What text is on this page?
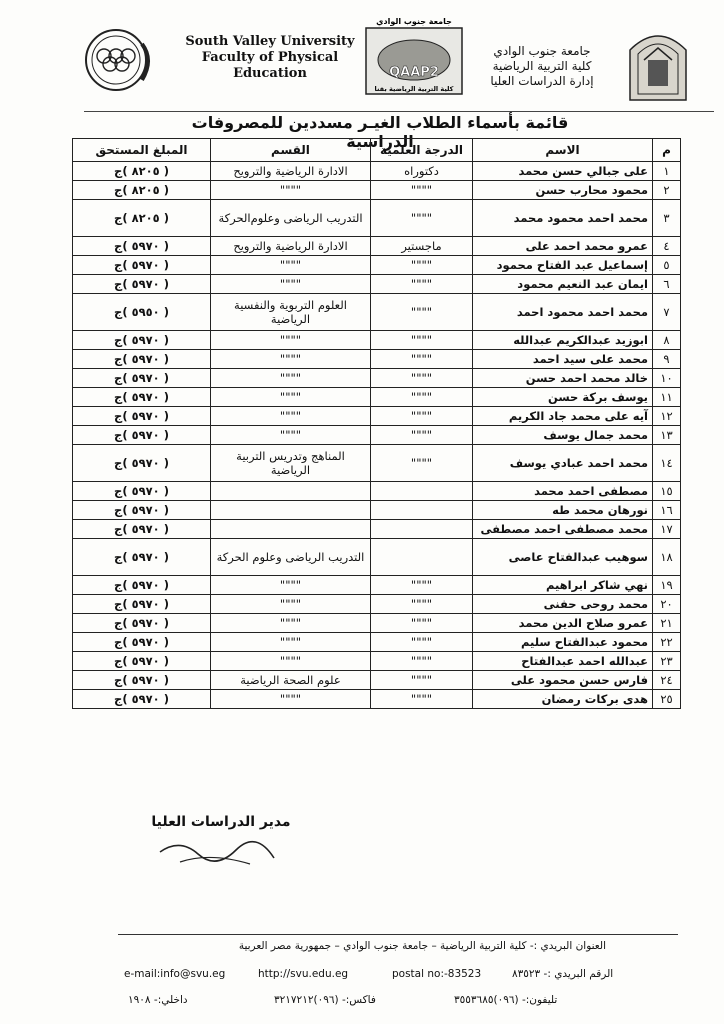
South Valley University
Faculty of Physical Education
جامعة جنوب الوادي
QAAP2
كلية التربية الرياضية بقنا
جامعة جنوب الوادي
كلية التربية الرياضية
إدارة الدراسات العليا
قائمة بأسماء الطلاب الغيـر مسددين للمصروفات الدراسية	م	الاسم	الدرجة العلمية	القسم	المبلغ المستحق
١	على جبالي حسن محمد	دكتوراه	الادارة الرياضية والترويح	( ٨٢٠٥ )ج
٢	محمود محارب حسن	""""	""""	( ٨٢٠٥ )ج
٣	محمد احمد محمود محمد	""""	التدريب الرياضى وعلوم‌الحركة	( ٨٢٠٥ )ج
٤	عمرو محمد احمد على	ماجستير	الادارة الرياضية والترويح	( ٥٩٧٠ )ج
٥	إسماعيل عبد الفتاح محمود	""""	""""	( ٥٩٧٠ )ج
٦	ايمان عبد النعيم محمود	""""	""""	( ٥٩٧٠ )ج
٧	محمد احمد محمود احمد	""""	العلوم التربوية والنفسية الرياضية	( ٥٩٥٠ )ج
٨	ابوزيد عبدالكريم عبدالله	""""	""""	( ٥٩٧٠ )ج
٩	محمد على سيد احمد	""""	""""	( ٥٩٧٠ )ج
١٠	خالد محمد احمد حسن	""""	""""	( ٥٩٧٠ )ج
١١	يوسف بركة حسن	""""	""""	( ٥٩٧٠ )ج
١٢	آيه على محمد جاد الكريم	""""	""""	( ٥٩٧٠ )ج
١٣	محمد جمال يوسف	""""	""""	( ٥٩٧٠ )ج
١٤	محمد احمد عبادي يوسف	""""	المناهج وتدريس التربية الرياضية	( ٥٩٧٠ )ج
١٥	مصطفى احمد محمد			( ٥٩٧٠ )ج
١٦	نورهان محمد طه			( ٥٩٧٠ )ج
١٧	محمد مصطفى احمد مصطفى			( ٥٩٧٠ )ج
١٨	سوهيب عبدالفتاح عاصى		التدريب الرياضى وعلوم الحركة	( ٥٩٧٠ )ج
١٩	نهي شاكر ابراهيم	""""	""""	( ٥٩٧٠ )ج
٢٠	محمد روحى حفنى	""""	""""	( ٥٩٧٠ )ج
٢١	عمرو صلاح الدين محمد	""""	""""	( ٥٩٧٠ )ج
٢٢	محمود عبدالفتاح سليم	""""	""""	( ٥٩٧٠ )ج
٢٣	عبدالله احمد عبدالفتاح	""""	""""	( ٥٩٧٠ )ج
٢٤	فارس حسن محمود على	""""	علوم الصحة الرياضية	( ٥٩٧٠ )ج
٢٥	هدى بركات رمضان	""""	""""	( ٥٩٧٠ )ج
مدير الدراسات العليا
العنوان البريدي :- كلية التربية الرياضية – جامعة جنوب الوادي – جمهورية مصر العربية
e-mail:info@svu.eg	http://svu.edu.eg	postal no:-83523	الرقم البريدي :- ٨٣٥٢٣
تليفون:- (٠٩٦)٣٥٥٣٦٨٥
فاكس:- (٠٩٦)٣٢١٧٢١٢
داخلي:- ١٩٠٨
